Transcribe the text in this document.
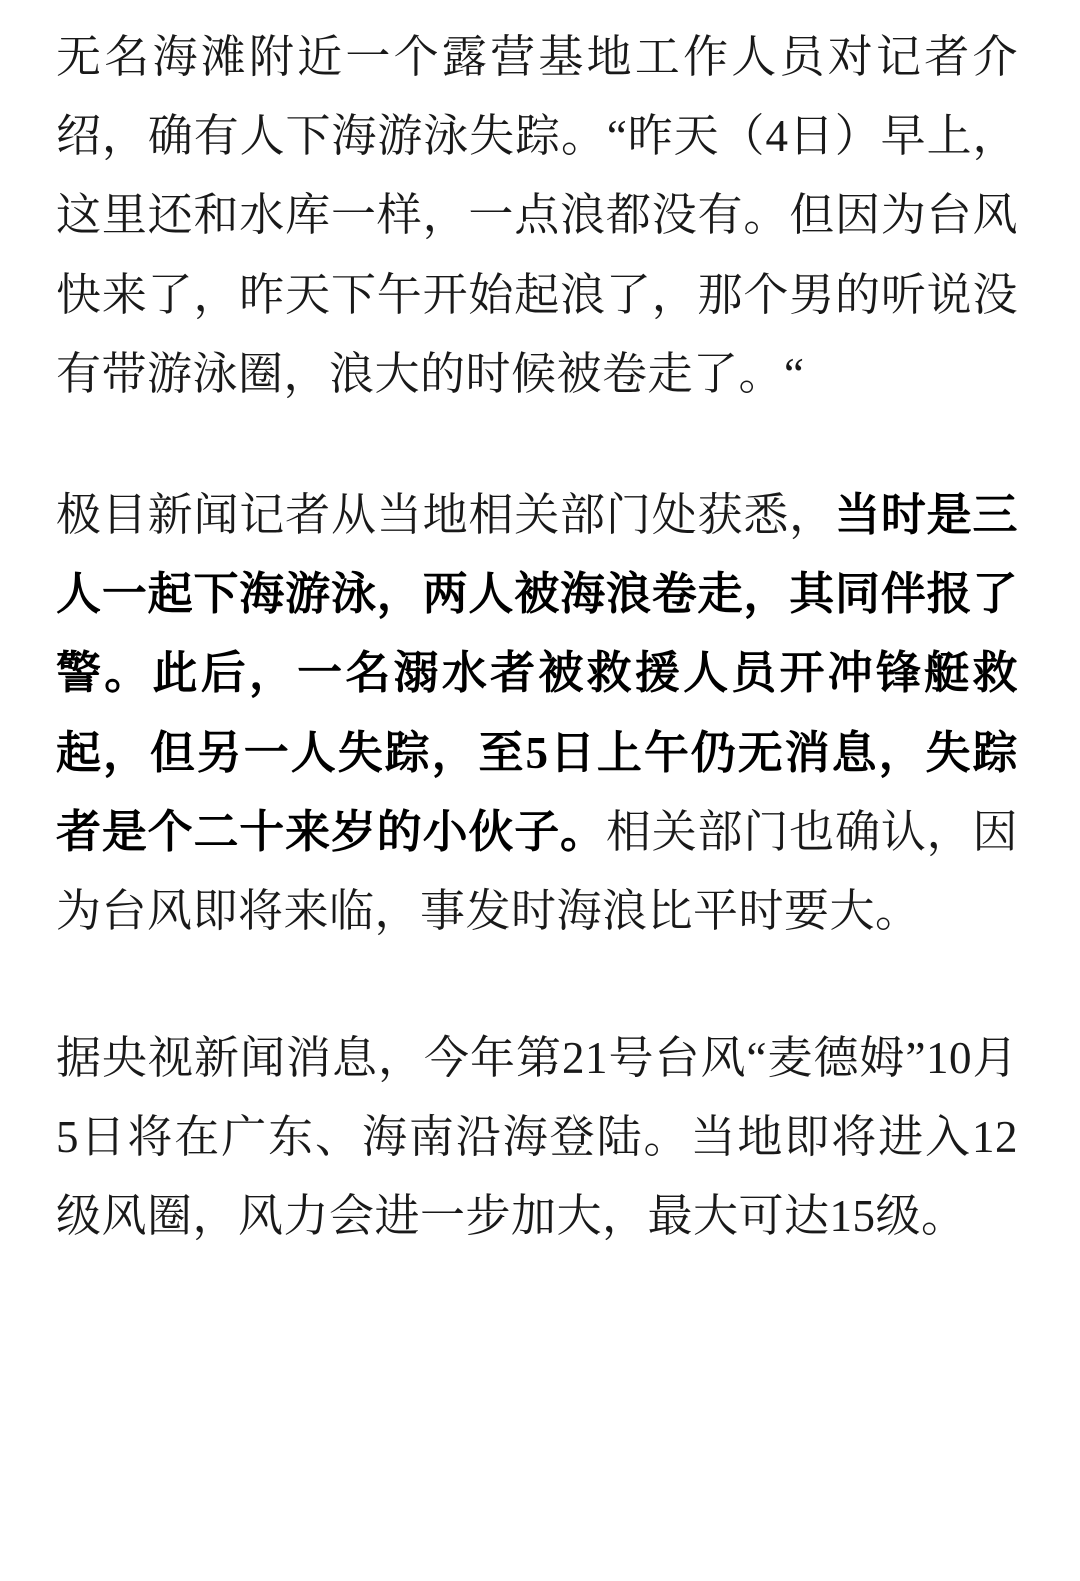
无名海滩附近一个露营基地工作人员对记者介绍，确有人下海游泳失踪。“昨天（4日）早上，这里还和水库一样，一点浪都没有。但因为台风快来了，昨天下午开始起浪了，那个男的听说没有带游泳圈，浪大的时候被卷走了。“

极目新闻记者从当地相关部门处获悉，当时是三人一起下海游泳，两人被海浪卷走，其同伴报了警。此后，一名溺水者被救援人员开冲锋艇救起，但另一人失踪，至5日上午仍无消息，失踪者是个二十来岁的小伙子。相关部门也确认，因为台风即将来临，事发时海浪比平时要大。

据央视新闻消息，今年第21号台风“麦德姆”10月5日将在广东、海南沿海登陆。当地即将进入12级风圈，风力会进一步加大，最大可达15级。
